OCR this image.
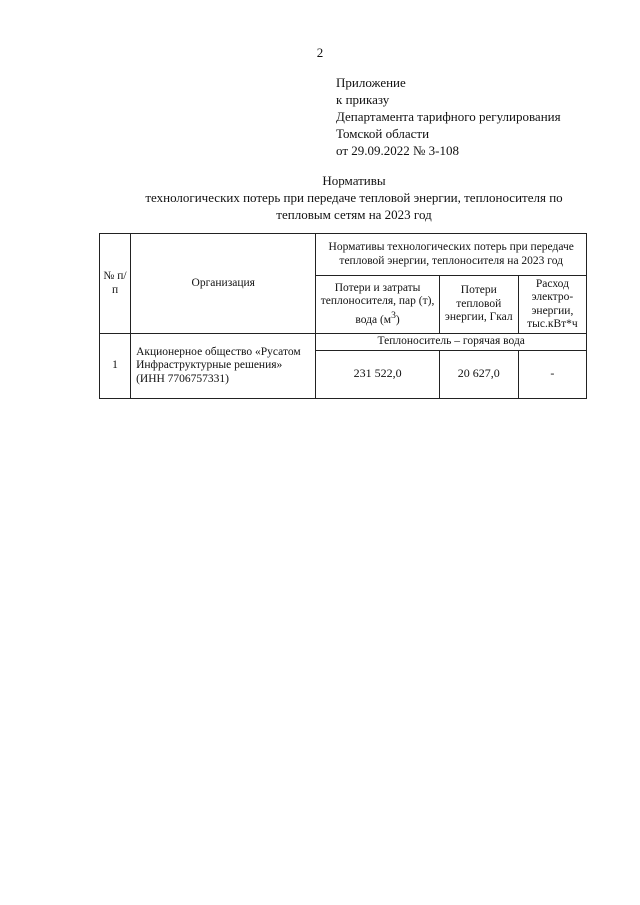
2
Приложение
к приказу
Департамента тарифного регулирования
Томской области
от 29.09.2022 № 3-108
Нормативы
технологических потерь при передаче тепловой энергии, теплоносителя по
тепловым сетям на 2023 год
№ п/п	Организация	Нормативы технологических потерь при передаче тепловой энергии, теплоносителя на 2023 год		
		Потери и затраты теплоносителя, пар (т), вода $(м^3)$	Потери тепловой энергии, Гкал	Расход электро-энергии, тыс.кВт*ч
1	Акционерное общество «Русатом Инфраструктурные решения» (ИНН 7706757331)	Теплоноситель – горячая вода		
		231 522,0	20 627,0	-
